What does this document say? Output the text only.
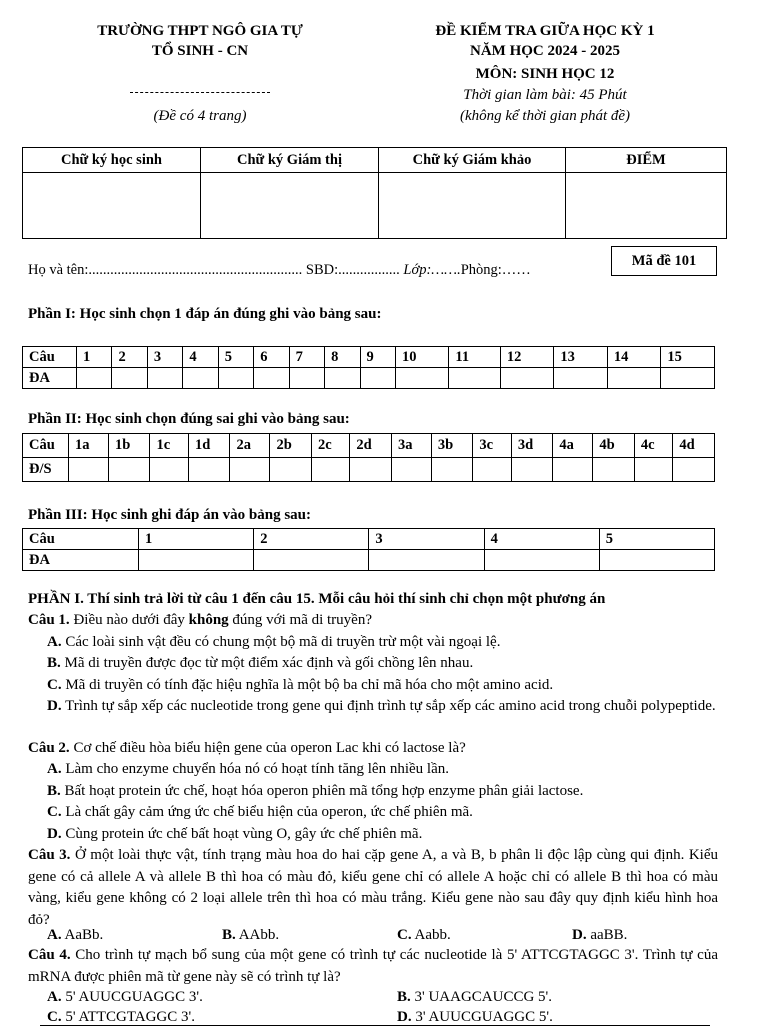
TRƯỜNG THPT NGÔ GIA TỰ
TỔ SINH - CN
(Đề có 4 trang)
ĐỀ KIỂM TRA GIỮA HỌC KỲ 1
NĂM HỌC 2024 - 2025
MÔN: SINH HỌC 12
Thời gian làm bài: 45 Phút
(không kể thời gian phát đề)
Chữ ký học sinh	Chữ ký Giám thị	Chữ ký Giám khảo	ĐIỂM

Họ và tên:........................................................... SBD:................. Lớp:…….Phòng:……
Mã đề 101
Phần I: Học sinh chọn 1 đáp án đúng ghi vào bảng sau:
Câu	1	2	3	4	5	6	7	8	9	10	11	12	13	14	15
ĐA															
Phần II: Học sinh chọn đúng sai ghi vào bảng sau:
Câu	1a	1b	1c	1d	2a	2b	2c	2d	3a	3b	3c	3d	4a	4b	4c	4d
Đ/S																
Phần III: Học sinh ghi đáp án vào bảng sau:
Câu	1	2	3	4	5
ĐA					
PHẦN I. Thí sinh trả lời từ câu 1 đến câu 15. Mỗi câu hỏi thí sinh chỉ chọn một phương án
Câu 1. Điều nào dưới đây không đúng với mã di truyền?
A. Các loài sinh vật đều có chung một bộ mã di truyền trừ một vài ngoại lệ.
B. Mã di truyền được đọc từ một điểm xác định và gối chồng lên nhau.
C. Mã di truyền có tính đặc hiệu nghĩa là một bộ ba chỉ mã hóa cho một amino acid.
D. Trình tự sắp xếp các nucleotide trong gene qui định trình tự sắp xếp các amino acid trong chuỗi polypeptide.
Câu 2. Cơ chế điều hòa biểu hiện gene của operon Lac khi có lactose là?
A. Làm cho enzyme chuyển hóa nó có hoạt tính tăng lên nhiều lần.
B. Bất hoạt protein ức chế, hoạt hóa operon phiên mã tổng hợp enzyme phân giải lactose.
C. Là chất gây cảm ứng ức chế biểu hiện của operon, ức chế phiên mã.
D. Cùng protein ức chế bất hoạt vùng O, gây ức chế phiên mã.
Câu 3. Ở một loài thực vật, tính trạng màu hoa do hai cặp gene A, a và B, b phân li độc lập cùng qui định. Kiểu gene có cả allele A và allele B thì hoa có màu đỏ, kiểu gene chỉ có allele A hoặc chỉ có allele B thì hoa có màu vàng, kiểu gene không có 2 loại allele trên thì hoa có màu trắng. Kiểu gene nào sau đây quy định kiểu hình hoa đỏ?
A. AaBb.	B. AAbb.	C. Aabb.	D. aaBB.
Câu 4. Cho trình tự mạch bổ sung của một gene có trình tự các nucleotide là 5' ATTCGTAGGC 3'. Trình tự của mRNA được phiên mã từ gene này sẽ có trình tự là?
A. 5' AUUCGUAGGC 3'.	B. 3' UAAGCAUCCG 5'.
C. 5' ATTCGTAGGC 3'.	D. 3' AUUCGUAGGC 5'.
